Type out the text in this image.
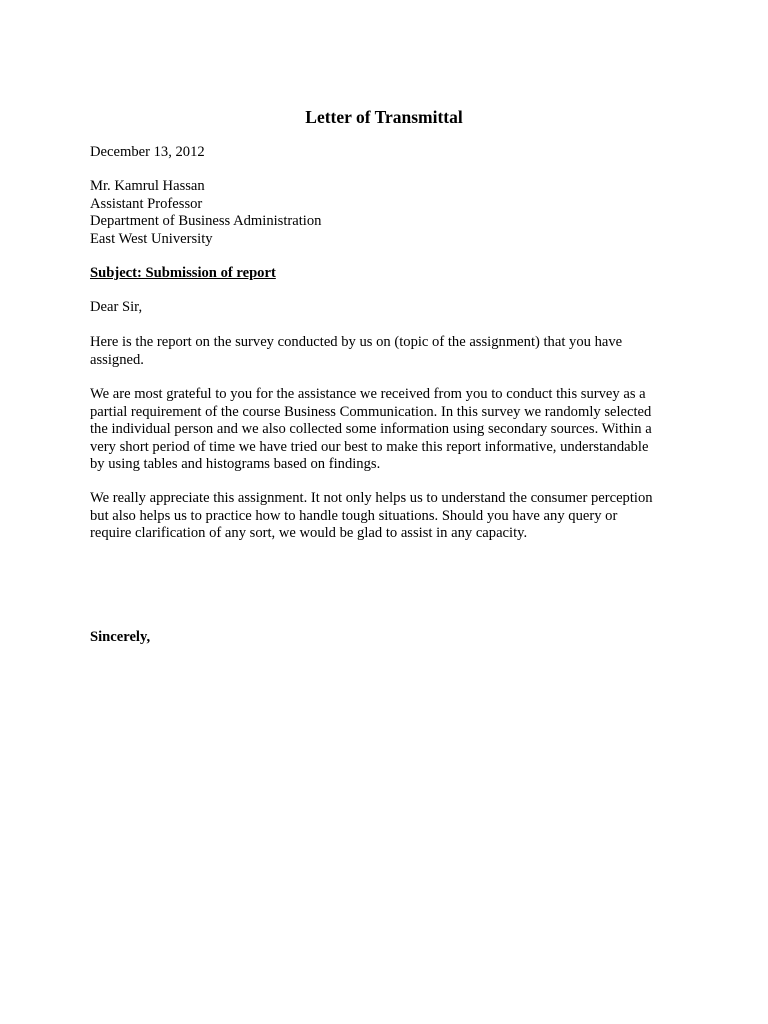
Letter of Transmittal
December 13, 2012
Mr. Kamrul Hassan
Assistant Professor
Department of Business Administration
East West University
Subject: Submission of report
Dear Sir,
Here is the report on the survey conducted by us on (topic of the assignment) that you have
assigned.
We are most grateful to you for the assistance we received from you to conduct this survey as a
partial requirement of the course Business Communication. In this survey we randomly selected
the individual person and we also collected some information using secondary sources. Within a
very short period of time we have tried our best to make this report informative, understandable
by using tables and histograms based on findings.
We really appreciate this assignment. It not only helps us to understand the consumer perception
but also helps us to practice how to handle tough situations. Should you have any query or
require clarification of any sort, we would be glad to assist in any capacity.
Sincerely,
